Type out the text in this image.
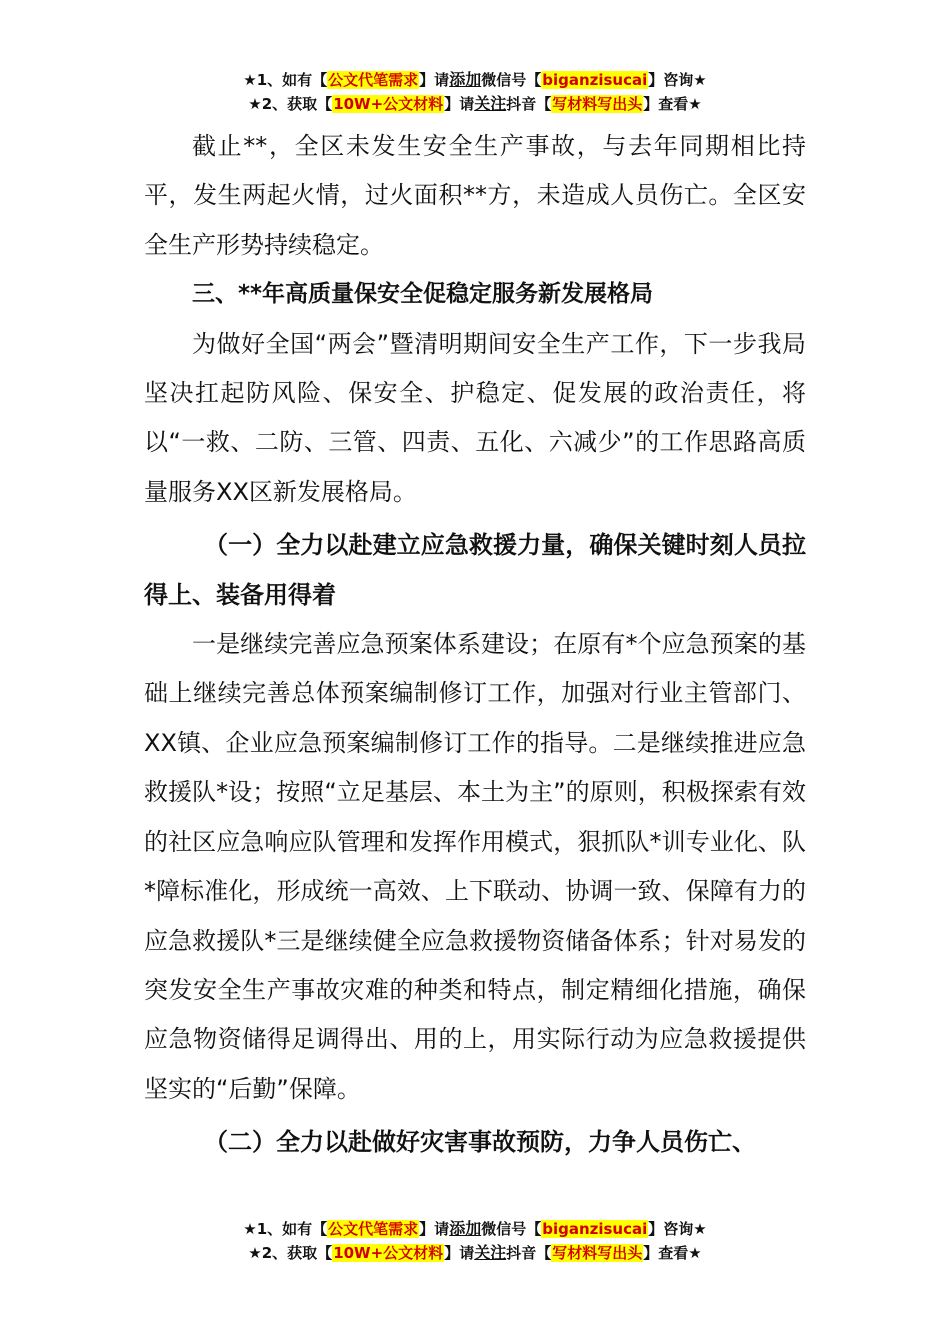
★1、如有【公文代笔需求】请添加微信号【biganzisucai】咨询★
★2、获取【10W+公文材料】请关注抖音【写材料写出头】查看★

截止**，全区未发生安全生产事故，与去年同期相比持平，发生两起火情，过火面积**方，未造成人员伤亡。全区安全生产形势持续稳定。

三、**年高质量保安全促稳定服务新发展格局

为做好全国“两会”暨清明期间安全生产工作，下一步我局坚决扛起防风险、保安全、护稳定、促发展的政治责任，将以“一救、二防、三管、四责、五化、六减少”的工作思路高质量服务XX区新发展格局。

（一）全力以赴建立应急救援力量，确保关键时刻人员拉得上、装备用得着

一是继续完善应急预案体系建设；在原有*个应急预案的基础上继续完善总体预案编制修订工作，加强对行业主管部门、XX镇、企业应急预案编制修订工作的指导。二是继续推进应急救援队*设；按照“立足基层、本土为主”的原则，积极探索有效的社区应急响应队管理和发挥作用模式，狠抓队*训专业化、队*障标准化，形成统一高效、上下联动、协调一致、保障有力的应急救援队*三是继续健全应急救援物资储备体系；针对易发的突发安全生产事故灾难的种类和特点，制定精细化措施，确保应急物资储得足调得出、用的上，用实际行动为应急救援提供坚实的“后勤”保障。

（二）全力以赴做好灾害事故预防，力争人员伤亡、

★1、如有【公文代笔需求】请添加微信号【biganzisucai】咨询★
★2、获取【10W+公文材料】请关注抖音【写材料写出头】查看★
